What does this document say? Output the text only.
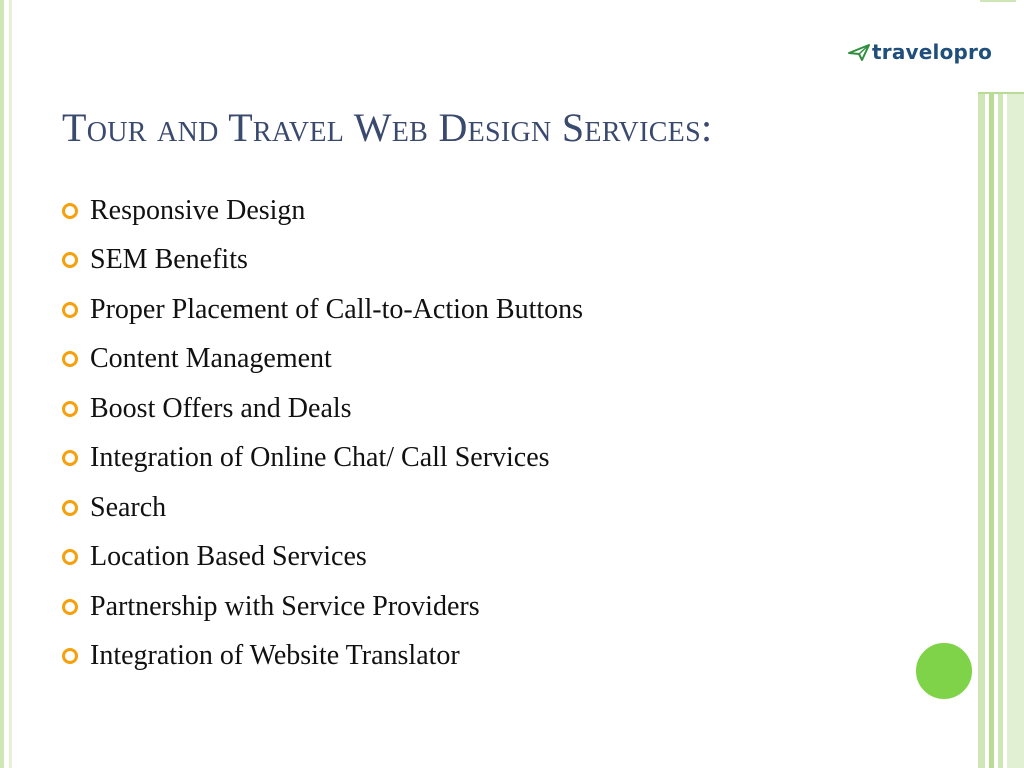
travelopro
Tour and Travel Web Design Services:
Responsive Design
SEM Benefits
Proper Placement of Call-to-Action Buttons
Content Management
Boost Offers and Deals
Integration of Online Chat/ Call Services
Search
Location Based Services
Partnership with Service Providers
Integration of Website Translator
